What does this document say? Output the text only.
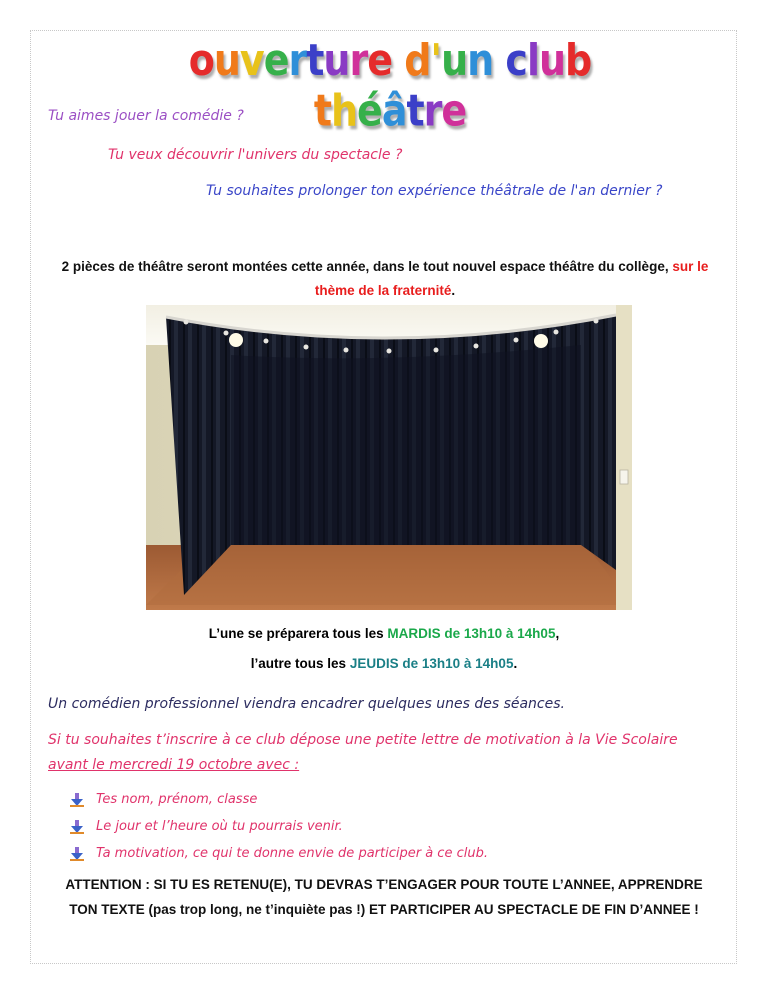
ouverture d'un club théâtre
Tu aimes jouer la comédie ?
Tu veux découvrir l'univers du spectacle ?
Tu souhaites prolonger ton expérience théâtrale de l'an dernier ?
2 pièces de théâtre seront montées cette année, dans le tout nouvel espace théâtre du collège, sur le thème de la fraternité.
L’une se préparera tous les MARDIS de 13h10 à 14h05,
l’autre tous les JEUDIS de 13h10 à 14h05.
Un comédien professionnel viendra encadrer quelques unes des séances.
Si tu souhaites t’inscrire à ce club dépose une petite lettre de motivation à la Vie Scolaire avant le mercredi 19 octobre avec :
Tes nom, prénom, classe
Le jour et l’heure où tu pourrais venir.
Ta motivation, ce qui te donne envie de participer à ce club.
ATTENTION : SI TU ES RETENU(E), TU DEVRAS T’ENGAGER POUR TOUTE L’ANNEE, APPRENDRE TON TEXTE (pas trop long, ne t’inquiète pas !) ET PARTICIPER AU SPECTACLE DE FIN D’ANNEE !
